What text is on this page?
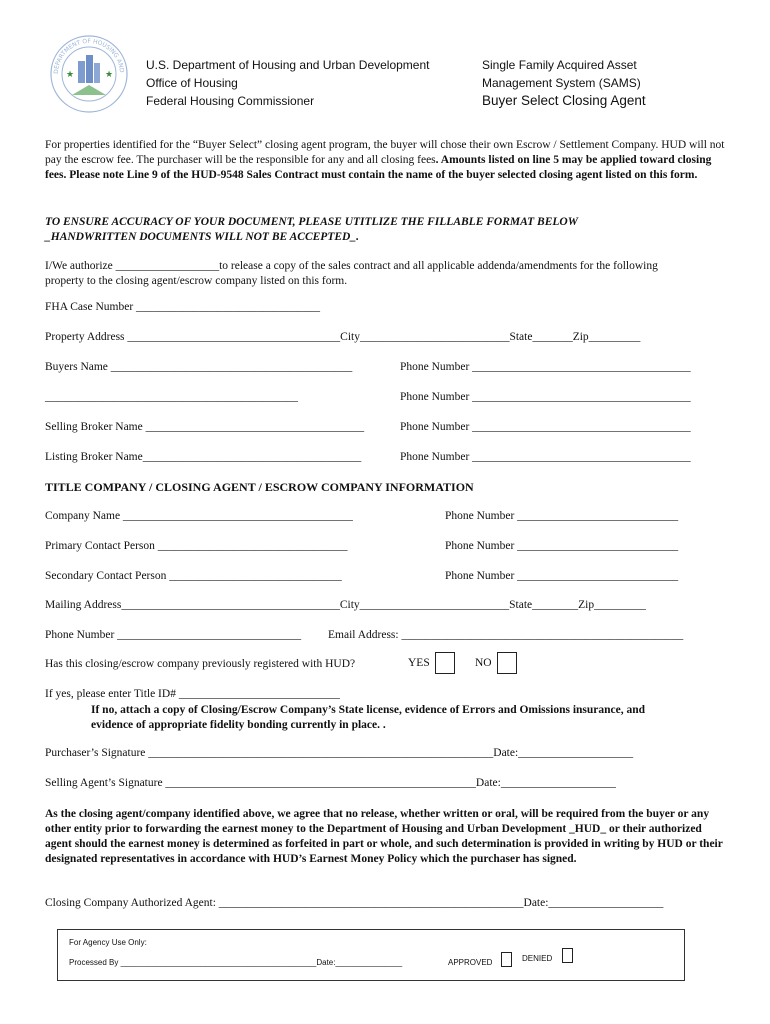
★	★
DEPARTMENT OF HOUSING AND U.S. Department of Housing and Urban Development
Office of Housing
Federal Housing Commissioner
Single Family Acquired Asset
Management System (SAMS)
Buyer Select Closing Agent
For properties identified for the “Buyer Select” closing agent program, the buyer will chose their own Escrow / Settlement Company. HUD will not pay the escrow fee. The purchaser will be the responsible for any and all closing fees. Amounts listed on line 5 may be applied toward closing fees. Please note Line 9 of the HUD-9548 Sales Contract must contain the name of the buyer selected closing agent listed on this form.
TO ENSURE ACCURACY OF YOUR DOCUMENT, PLEASE UTITLIZE THE FILLABLE FORMAT BELOW
_HANDWRITTEN DOCUMENTS WILL NOT BE ACCEPTED_.
I/We authorize __________________to release a copy of the sales contract and all applicable addenda/amendments for the following
property to the closing agent/escrow company listed on this form.
FHA Case Number ________________________________
Property Address _____________________________________City__________________________State_______Zip_________
Buyers Name __________________________________________	Phone Number ______________________________________
____________________________________________	Phone Number ______________________________________
Selling Broker Name ______________________________________	Phone Number ______________________________________
Listing Broker Name______________________________________	Phone Number ______________________________________
TITLE COMPANY / CLOSING AGENT / ESCROW COMPANY INFORMATION
Company Name ________________________________________	Phone Number ____________________________
Primary Contact Person _________________________________	Phone Number ____________________________
Secondary Contact Person ______________________________	Phone Number ____________________________
Mailing Address______________________________________City__________________________State________Zip_________
Phone Number ________________________________ Email Address: _________________________________________________
Has this closing/escrow company previously registered with HUD?	YES	NO
If yes, please enter Title ID# ____________________________
If no, attach a copy of Closing/Escrow Company’s State license, evidence of Errors and Omissions insurance, and
evidence of appropriate fidelity bonding currently in place. .
Purchaser’s Signature ____________________________________________________________Date:____________________
Selling Agent’s Signature ______________________________________________________Date:____________________
As the closing agent/company identified above, we agree that no release, whether written or oral, will be required from the buyer or any other entity prior to forwarding the earnest money to the Department of Housing and Urban Development _HUD_ or their authorized agent should the earnest money is determined as forfeited in part or whole, and such determination is provided in writing by HUD or their designated representatives in accordance with HUD’s Earnest Money Policy which the purchaser has signed.
Closing Company Authorized Agent: _____________________________________________________Date:____________________
For Agency Use Only:
Processed By ____________________________________________Date:_______________	APPROVED	DENIED
